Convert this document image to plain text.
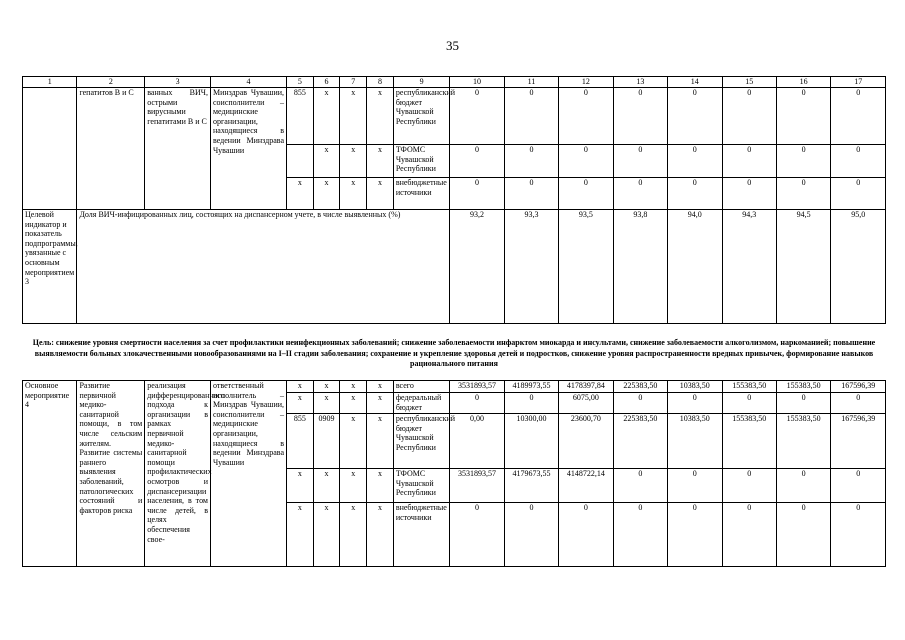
35
1	2	3	4	5	6	7	8	9	10	11	12	13	14	15	16	17
	гепатитов В и С	ванных ВИЧ, острыми вирусными гепатитами В и С	Минздрав Чувашии, соисполнители – медицинские организации, находящиеся в ведении Минздрава Чувашии	855	х	х	х	республиканский бюджет Чувашской Республики	0	0	0	0	0	0	0	0
					х	х	х	ТФОМС Чувашской Республики	0	0	0	0	0	0	0	0
				х	х	х	х	внебюджетные источники	0	0	0	0	0	0	0	0
Целевой индикатор и показатель подпрограммы, увязанные с основным мероприятием 3	Доля ВИЧ-инфицированных лиц, состоящих на диспансерном учете, в числе выявленных (%)								93,2	93,3	93,5	93,8	94,0	94,3	94,5	95,0
Цель: снижение уровня смертности населения за счет профилактики неинфекционных заболеваний; снижение заболеваемости инфарктом миокарда и инсультами, снижение заболеваемости алкоголизмом, наркоманией; повышение выявляемости больных злокачественными новообразованиями на I–II стадии заболевания; сохранение и укрепление здоровья детей и подростков, снижение уровня распространенности вредных привычек, формирование навыков рационального питания
Основное мероприятие 4	Развитие первичной медико-санитарной помощи, в том числе сельским жителям. Развитие системы раннего выявления заболеваний, патологических состояний и факторов риска	реализация дифференцированного подхода к организации в рамках первичной медико-санитарной помощи профилактических осмотров и диспансеризации населения, в том числе детей, в целях обеспечения свое-	ответственный исполнитель – Минздрав Чувашии, соисполнители – медицинские организации, находящиеся в ведении Минздрава Чувашии	х	х	х	х	всего	3531893,57	4189973,55	4178397,84	225383,50	10383,50	155383,50	155383,50	167596,39
				х	х	х	х	федеральный бюджет	0	0	6075,00	0	0	0	0	0
				855	0909	х	х	республиканский бюджет Чувашской Республики	0,00	10300,00	23600,70	225383,50	10383,50	155383,50	155383,50	167596,39
				х	х	х	х	ТФОМС Чувашской Республики	3531893,57	4179673,55	4148722,14	0	0	0	0	0
				х	х	х	х	внебюджетные источники	0	0	0	0	0	0	0	0
